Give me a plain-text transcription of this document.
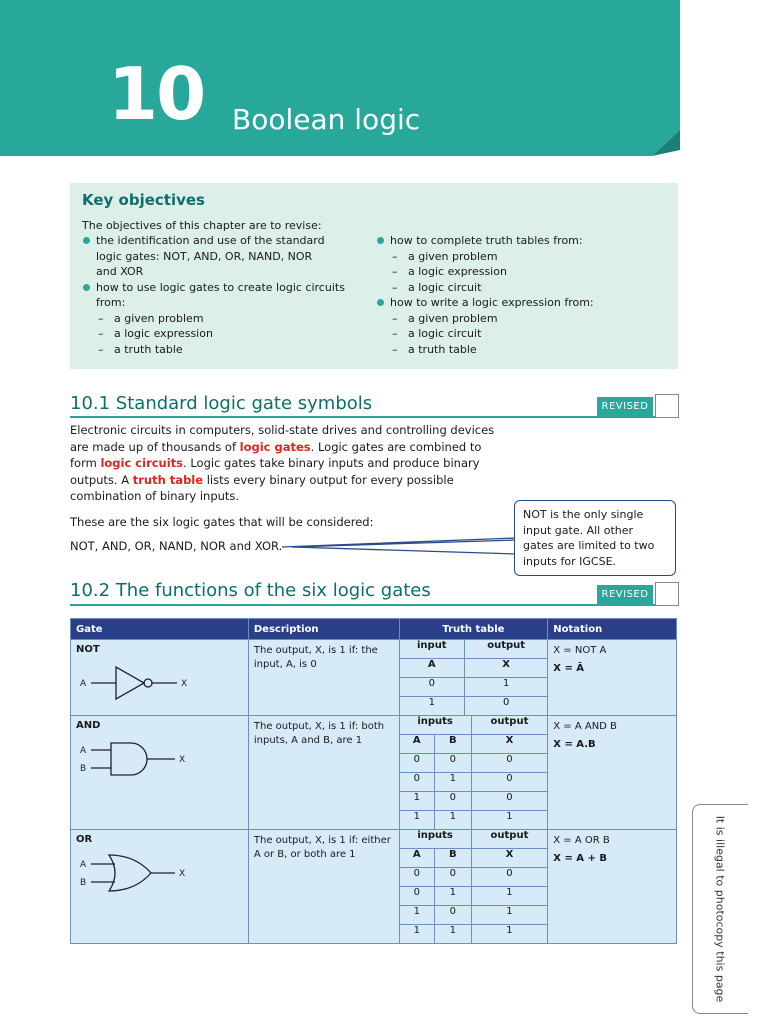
10 Boolean logic
Key objectives
The objectives of this chapter are to revise:
the identification and use of the standard
logic gates: NOT, AND, OR, NAND, NOR
and XOR
how to use logic gates to create logic circuits
from:
– a given problem
– a logic expression
– a truth table
how to complete truth tables from:
– a given problem
– a logic expression
– a logic circuit
how to write a logic expression from:
– a given problem
– a logic circuit
– a truth table
10.1 Standard logic gate symbols	REVISED
Electronic circuits in computers, solid-state drives and controlling devices are made up of thousands of logic gates. Logic gates are combined to form logic circuits. Logic gates take binary inputs and produce binary outputs. A truth table lists every binary output for every possible combination of binary inputs.
These are the six logic gates that will be considered:
NOT, AND, OR, NAND, NOR and XOR.
NOT is the only single input gate. All other gates are limited to two inputs for IGCSE.
10.2 The functions of the six logic gates	REVISED
Gate	Description	Truth table	Notation

NOT
A	X

The output, X, is 1 if: the input, A, is 0

input	output
A	X
0	1
1	0

X = NOT A
X = Ā

AND
A
B
X

The output, X, is 1 if: both inputs, A and B, are 1

inputs	output
A	B	X
0	0	0
0	1	0
1	0	0
1	1	1

X = A AND B
X = A.B

OR
A
B
X

The output, X, is 1 if: either A or B, or both are 1

inputs	output
A	B	X
0	0	0
0	1	1
1	0	1
1	1	1

X = A OR B
X = A + B	It is illegal to photocopy this page
